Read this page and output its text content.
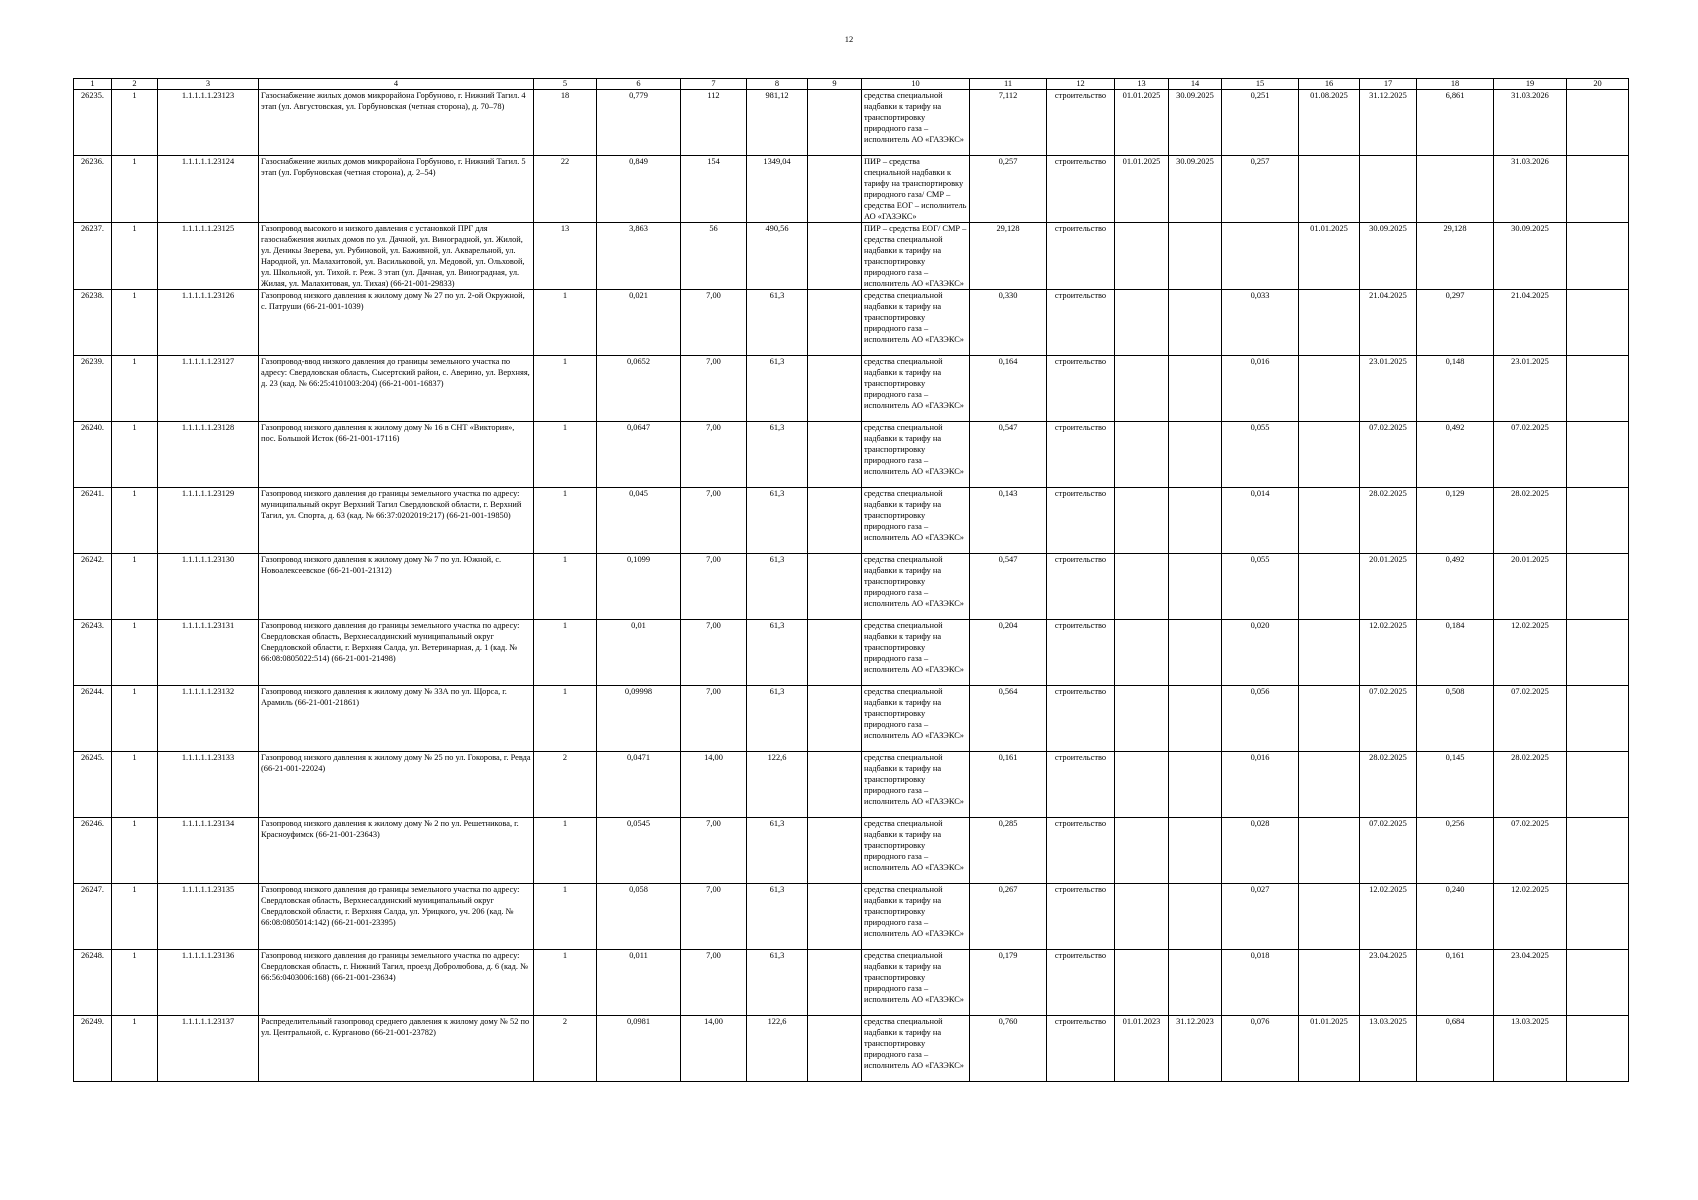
12
1	2	3	4	5	6	7	8	9	10	11	12	13	14	15	16	17	18	19	20
26235.	1	1.1.1.1.1.23123	Газоснабжение жилых домов микрорайона Горбуново, г. Нижний Тагил. 4 этап (ул. Августовская, ул. Горбуновская (четная сторона), д. 70–78)	18	0,779	112	981,12		средства специальной надбавки к тарифу на транспортировку природного газа – исполнитель АО «ГАЗЭКС»	7,112	строительство	01.01.2025	30.09.2025	0,251	01.08.2025	31.12.2025	6,861	31.03.2026	
26236.	1	1.1.1.1.1.23124	Газоснабжение жилых домов микрорайона Горбуново, г. Нижний Тагил. 5 этап (ул. Горбуновская (четная сторона), д. 2–54)	22	0,849	154	1349,04		ПИР – средства специальной надбавки к тарифу на транспортировку природного газа/ СМР – средства ЕОГ – исполнитель АО «ГАЗЭКС»	0,257	строительство	01.01.2025	30.09.2025	0,257				31.03.2026	
26237.	1	1.1.1.1.1.23125	Газопровод высокого и низкого давления с установкой ПРГ для газоснабжения жилых домов по ул. Дачной, ул. Виноградной, ул. Жилой, ул. Деникы Зверева, ул. Рубиновой, ул. Баживной, ул. Акварельной, ул. Народной, ул. Малахитовой, ул. Васильковой, ул. Медовой, ул. Ольховой, ул. Школьной, ул. Тихой. г. Реж. 3 этап (ул. Дачная, ул. Виноградная, ул. Жилая, ул. Малахитовая, ул. Тихая) (66-21-001-29833)	13	3,863	56	490,56		ПИР – средства ЕОГ/ СМР – средства специальной надбавки к тарифу на транспортировку природного газа – исполнитель АО «ГАЗЭКС»	29,128	строительство				01.01.2025	30.09.2025	29,128	30.09.2025	
26238.	1	1.1.1.1.1.23126	Газопровод низкого давления к жилому дому № 27 по ул. 2-ой Окружной, с. Патруши (66-21-001-1039)	1	0,021	7,00	61,3		средства специальной надбавки к тарифу на транспортировку природного газа – исполнитель АО «ГАЗЭКС»	0,330	строительство			0,033		21.04.2025	0,297	21.04.2025	
26239.	1	1.1.1.1.1.23127	Газопровод-ввод низкого давления до границы земельного участка по адресу: Свердловская область, Сысертский район, с. Аверино, ул. Верхняя, д. 23 (кад. № 66:25:4101003:204) (66-21-001-16837)	1	0,0652	7,00	61,3		средства специальной надбавки к тарифу на транспортировку природного газа – исполнитель АО «ГАЗЭКС»	0,164	строительство			0,016		23.01.2025	0,148	23.01.2025	
26240.	1	1.1.1.1.1.23128	Газопровод низкого давления к жилому дому № 16 в СНТ «Виктория», пос. Большой Исток (66-21-001-17116)	1	0,0647	7,00	61,3		средства специальной надбавки к тарифу на транспортировку природного газа – исполнитель АО «ГАЗЭКС»	0,547	строительство			0,055		07.02.2025	0,492	07.02.2025	
26241.	1	1.1.1.1.1.23129	Газопровод низкого давления до границы земельного участка по адресу: муниципальный округ Верхний Тагил Свердловской области, г. Верхний Тагил, ул. Спорта, д. 63 (кад. № 66:37:0202019:217) (66-21-001-19850)	1	0,045	7,00	61,3		средства специальной надбавки к тарифу на транспортировку природного газа – исполнитель АО «ГАЗЭКС»	0,143	строительство			0,014		28.02.2025	0,129	28.02.2025	
26242.	1	1.1.1.1.1.23130	Газопровод низкого давления к жилому дому № 7 по ул. Южной, с. Новоалексеевское (66-21-001-21312)	1	0,1099	7,00	61,3		средства специальной надбавки к тарифу на транспортировку природного газа – исполнитель АО «ГАЗЭКС»	0,547	строительство			0,055		20.01.2025	0,492	20.01.2025	
26243.	1	1.1.1.1.1.23131	Газопровод низкого давления до границы земельного участка по адресу: Свердловская область, Верхнесалдинский муниципальный округ Свердловской области, г. Верхняя Салда, ул. Ветеринарная, д. 1 (кад. № 66:08:0805022:514) (66-21-001-21498)	1	0,01	7,00	61,3		средства специальной надбавки к тарифу на транспортировку природного газа – исполнитель АО «ГАЗЭКС»	0,204	строительство			0,020		12.02.2025	0,184	12.02.2025	
26244.	1	1.1.1.1.1.23132	Газопровод низкого давления к жилому дому № 33А по ул. Щорса, г. Арамиль (66-21-001-21861)	1	0,09998	7,00	61,3		средства специальной надбавки к тарифу на транспортировку природного газа – исполнитель АО «ГАЗЭКС»	0,564	строительство			0,056		07.02.2025	0,508	07.02.2025	
26245.	1	1.1.1.1.1.23133	Газопровод низкого давления к жилому дому № 25 по ул. Гокорова, г. Ревда (66-21-001-22024)	2	0,0471	14,00	122,6		средства специальной надбавки к тарифу на транспортировку природного газа – исполнитель АО «ГАЗЭКС»	0,161	строительство			0,016		28.02.2025	0,145	28.02.2025	
26246.	1	1.1.1.1.1.23134	Газопровод низкого давления к жилому дому № 2 по ул. Решетникова, г. Красноуфимск (66-21-001-23643)	1	0,0545	7,00	61,3		средства специальной надбавки к тарифу на транспортировку природного газа – исполнитель АО «ГАЗЭКС»	0,285	строительство			0,028		07.02.2025	0,256	07.02.2025	
26247.	1	1.1.1.1.1.23135	Газопровод низкого давления до границы земельного участка по адресу: Свердловская область, Верхнесалдинский муниципальный округ Свердловской области, г. Верхняя Салда, ул. Урицкого, уч. 206 (кад. № 66:08:0805014:142) (66-21-001-23395)	1	0,058	7,00	61,3		средства специальной надбавки к тарифу на транспортировку природного газа – исполнитель АО «ГАЗЭКС»	0,267	строительство			0,027		12.02.2025	0,240	12.02.2025	
26248.	1	1.1.1.1.1.23136	Газопровод низкого давления до границы земельного участка по адресу: Свердловская область, г. Нижний Тагил, проезд Добролюбова, д. 6 (кад. № 66:56:0403006:168) (66-21-001-23634)	1	0,011	7,00	61,3		средства специальной надбавки к тарифу на транспортировку природного газа – исполнитель АО «ГАЗЭКС»	0,179	строительство			0,018		23.04.2025	0,161	23.04.2025	
26249.	1	1.1.1.1.1.23137	Распределительный газопровод среднего давления к жилому дому № 52 по ул. Центральной, с. Курганово (66-21-001-23782)	2	0,0981	14,00	122,6		средства специальной надбавки к тарифу на транспортировку природного газа – исполнитель АО «ГАЗЭКС»	0,760	строительство	01.01.2023	31.12.2023	0,076	01.01.2025	13.03.2025	0,684	13.03.2025	
